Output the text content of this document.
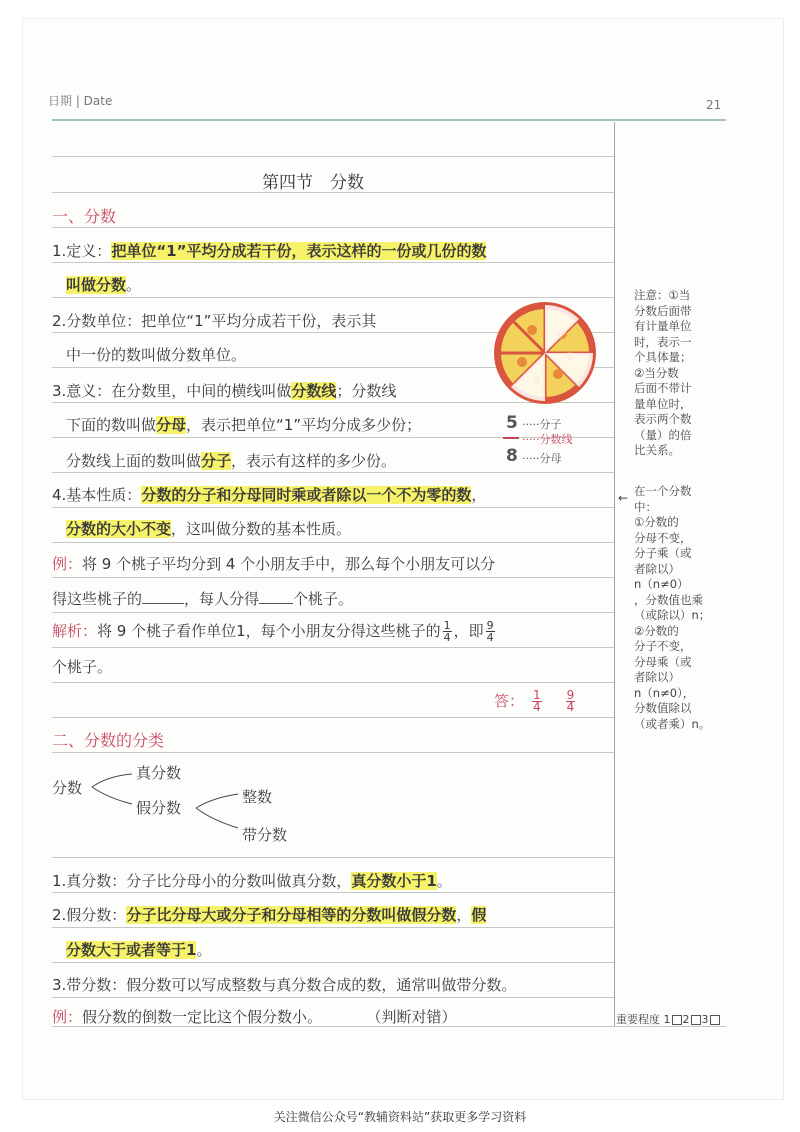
日期 | Date	21
第四节　分数
一、分数
1.定义：把单位“1”平均分成若干份，表示这样的一份或几份的数
叫做分数。
2.分数单位：把单位“1”平均分成若干份，表示其
中一份的数叫做分数单位。
3.意义：在分数里，中间的横线叫做分数线；分数线
下面的数叫做分母，表示把单位“1”平均分成多少份；
分数线上面的数叫做分子，表示有这样的多少份。
5 ·····分子
·····分数线
8 ·····分母
4.基本性质：分数的分子和分母同时乘或者除以一个不为零的数，
分数的大小不变，这叫做分数的基本性质。
例：将 9 个桃子平均分到 4 个小朋友手中，那么每个小朋友可以分
得这些桃子的	，每人分得 个桃子。
解析：将 9 个桃子看作单位1，每个小朋友分得这些桃子的 $\frac{1}{4}$ ，即 $\frac{9}{4}$
个桃子。
答： $\frac{1}{4} \frac{9}{4}$
二、分数的分类
分数
真分数
假分数
整数
带分数
1.真分数：分子比分母小的分数叫做真分数，真分数小于1。
2.假分数：分子比分母大或分子和分母相等的分数叫做假分数，假
分数大于或者等于1。
3.带分数：假分数可以写成整数与真分数合成的数，通常叫做带分数。
例：假分数的倒数一定比这个假分数小。	（判断对错）
注意：①当
分数后面带
有计量单位
时，表示一
个具体量；
②当分数
后面不带计
量单位时，
表示两个数
（量）的倍
比关系。
← 在一个分数
中：
①分数的
分母不变，
分子乘（或
者除以）
n（n≠0）
，分数值也乘
（或除以）n；
②分数的
分子不变，
分母乘（或
者除以）
n（n≠0），
分数值除以
（或者乘）n。
重要程度 1 2 3
关注微信公众号“教辅资料站”获取更多学习资料
